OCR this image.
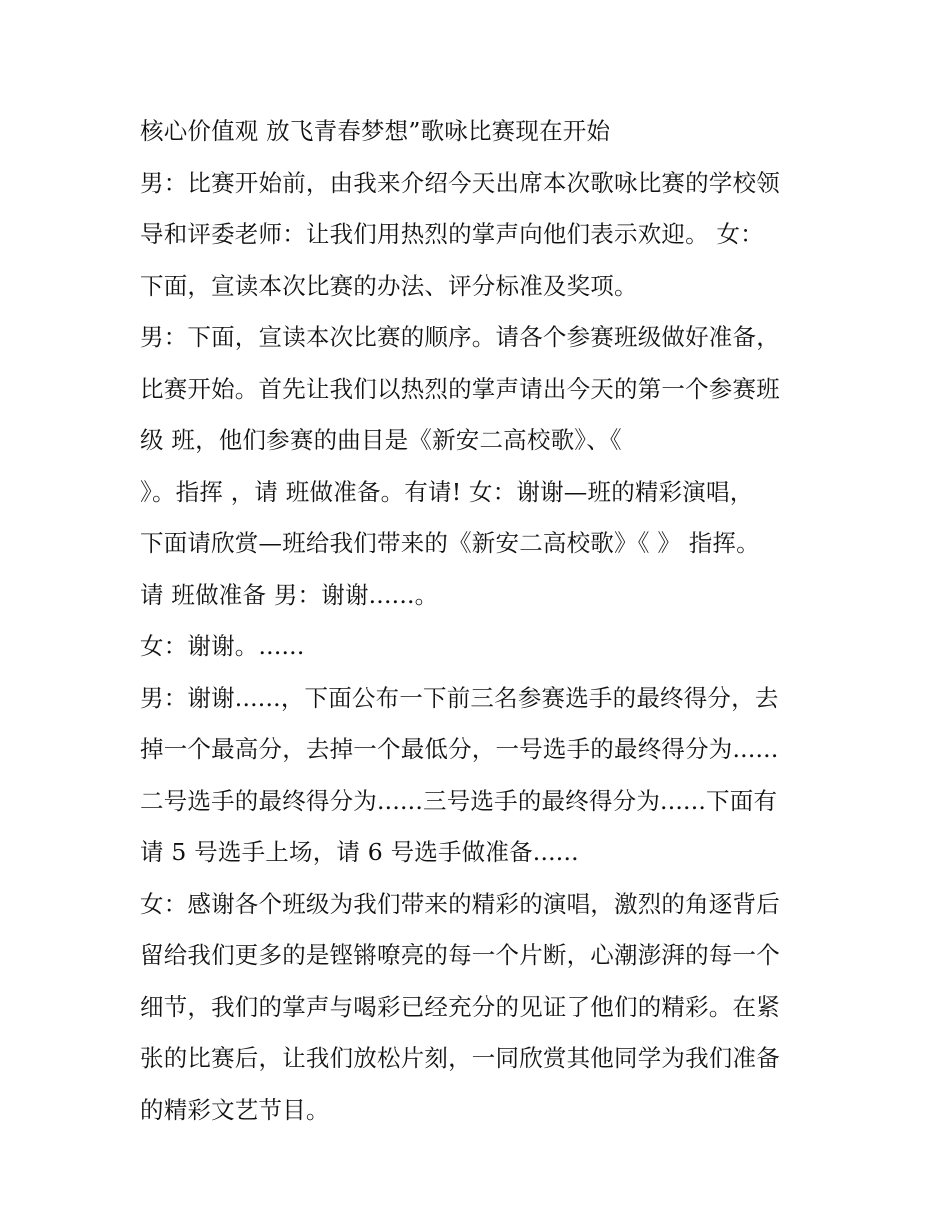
核心价值观 放飞青春梦想”歌咏比赛现在开始
男：比赛开始前，由我来介绍今天出席本次歌咏比赛的学校领
导和评委老师：让我们用热烈的掌声向他们表示欢迎。 女：
下面，宣读本次比赛的办法、评分标准及奖项。
男：下面，宣读本次比赛的顺序。请各个参赛班级做好准备，
比赛开始。首先让我们以热烈的掌声请出今天的第一个参赛班
级 班，他们参赛的曲目是《新安二高校歌》、《
》。指挥 ，请 班做准备。有请! 女：谢谢—班的精彩演唱，
下面请欣赏—班给我们带来的《新安二高校歌》《 》 指挥。
请 班做准备 男：谢谢......。
女：谢谢。......
男：谢谢......，下面公布一下前三名参赛选手的最终得分，去
掉一个最高分，去掉一个最低分，一号选手的最终得分为......
二号选手的最终得分为......三号选手的最终得分为......下面有
请 5 号选手上场，请 6 号选手做准备......
女：感谢各个班级为我们带来的精彩的演唱，激烈的角逐背后
留给我们更多的是铿锵嘹亮的每一个片断，心潮澎湃的每一个
细节，我们的掌声与喝彩已经充分的见证了他们的精彩。在紧
张的比赛后，让我们放松片刻，一同欣赏其他同学为我们准备
的精彩文艺节目。
